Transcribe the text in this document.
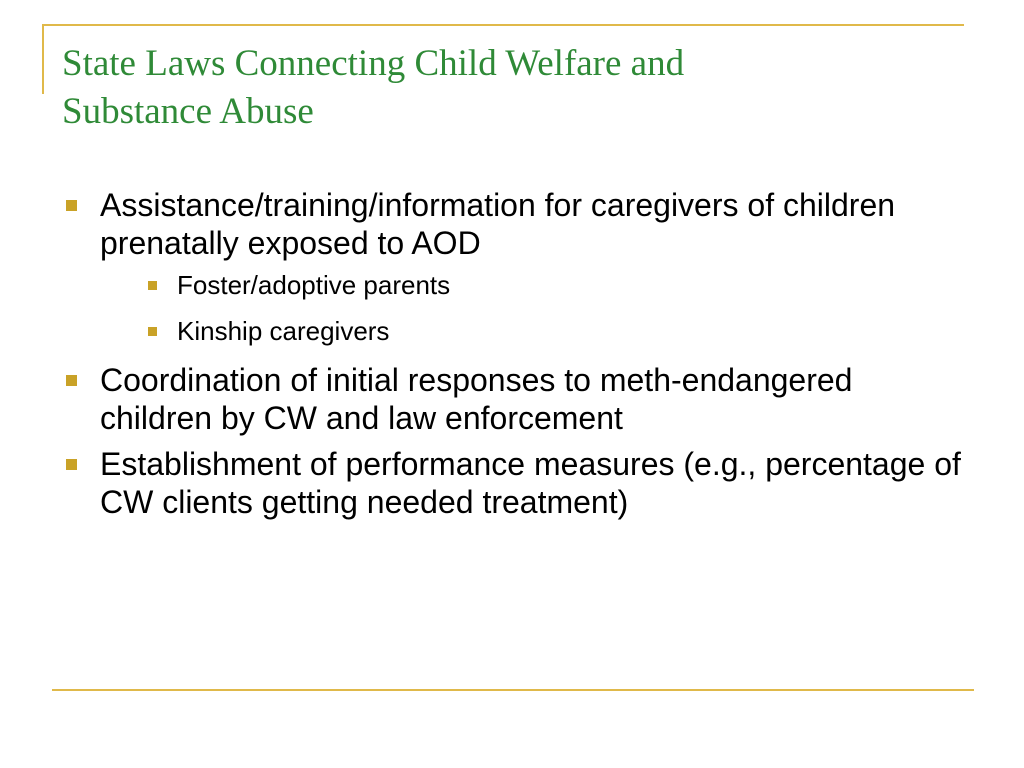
State Laws Connecting Child Welfare and
Substance Abuse
Assistance/training/information for caregivers of children prenatally exposed to AOD
Foster/adoptive parents
Kinship caregivers
Coordination of initial responses to meth-endangered children by CW and law enforcement
Establishment of performance measures (e.g., percentage of CW clients getting needed treatment)
